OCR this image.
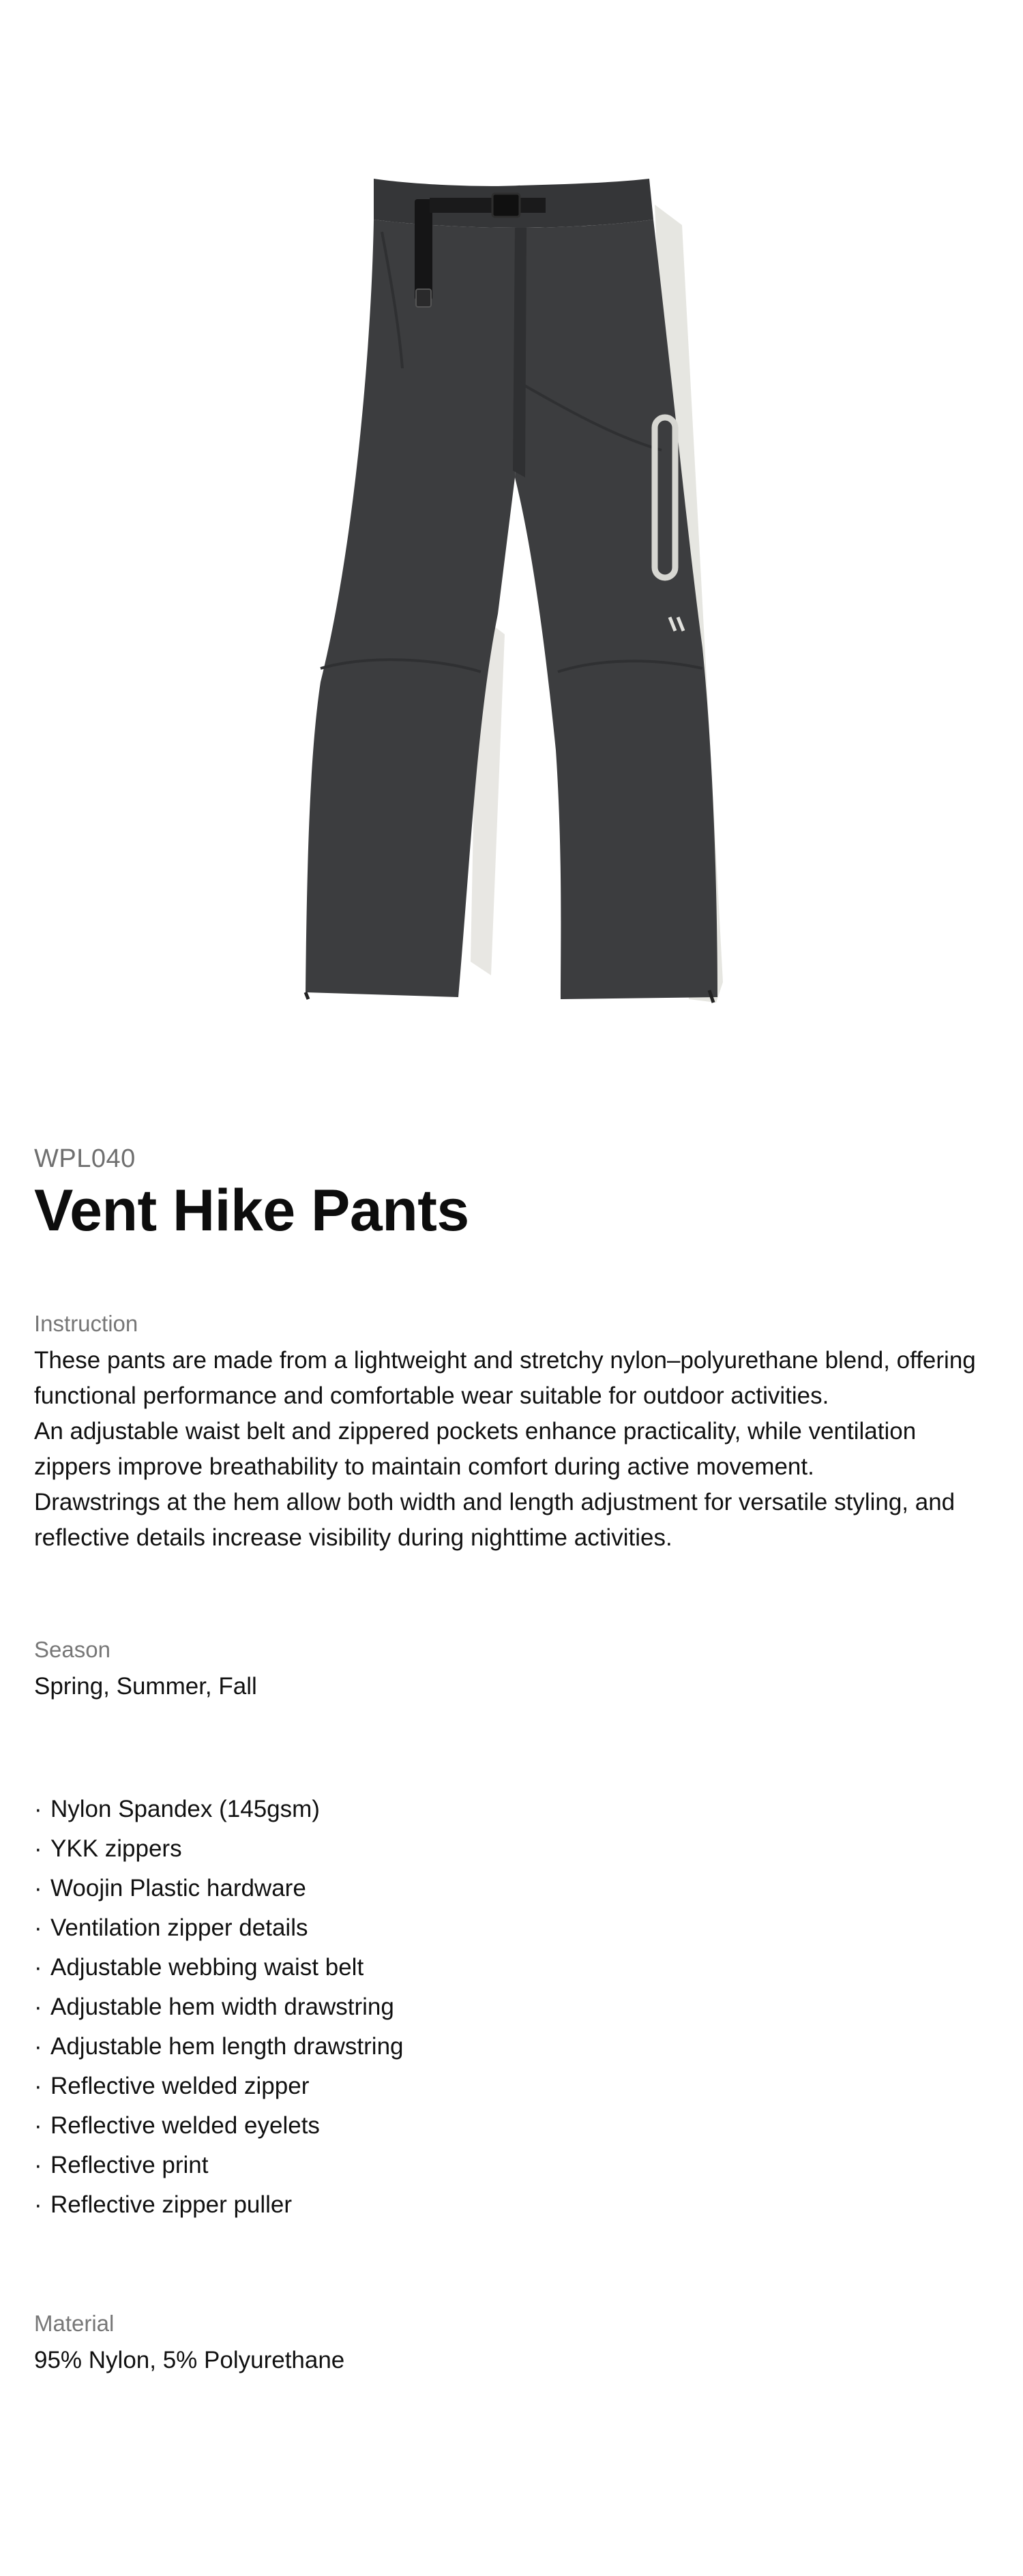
WPL040

Vent Hike Pants

Instruction

These pants are made from a lightweight and stretchy nylon–polyurethane blend, offering functional performance and comfortable wear suitable for outdoor activities.
An adjustable waist belt and zippered pockets enhance practicality, while ventilation zippers improve breathability to maintain comfort during active movement.
Drawstrings at the hem allow both width and length adjustment for versatile styling, and reflective details increase visibility during nighttime activities.

Season

Spring, Summer, Fall

· Nylon Spandex (145gsm)
· YKK zippers
· Woojin Plastic hardware
· Ventilation zipper details
· Adjustable webbing waist belt
· Adjustable hem width drawstring
· Adjustable hem length drawstring
· Reflective welded zipper
· Reflective welded eyelets
· Reflective print
· Reflective zipper puller

Material

95% Nylon, 5% Polyurethane
